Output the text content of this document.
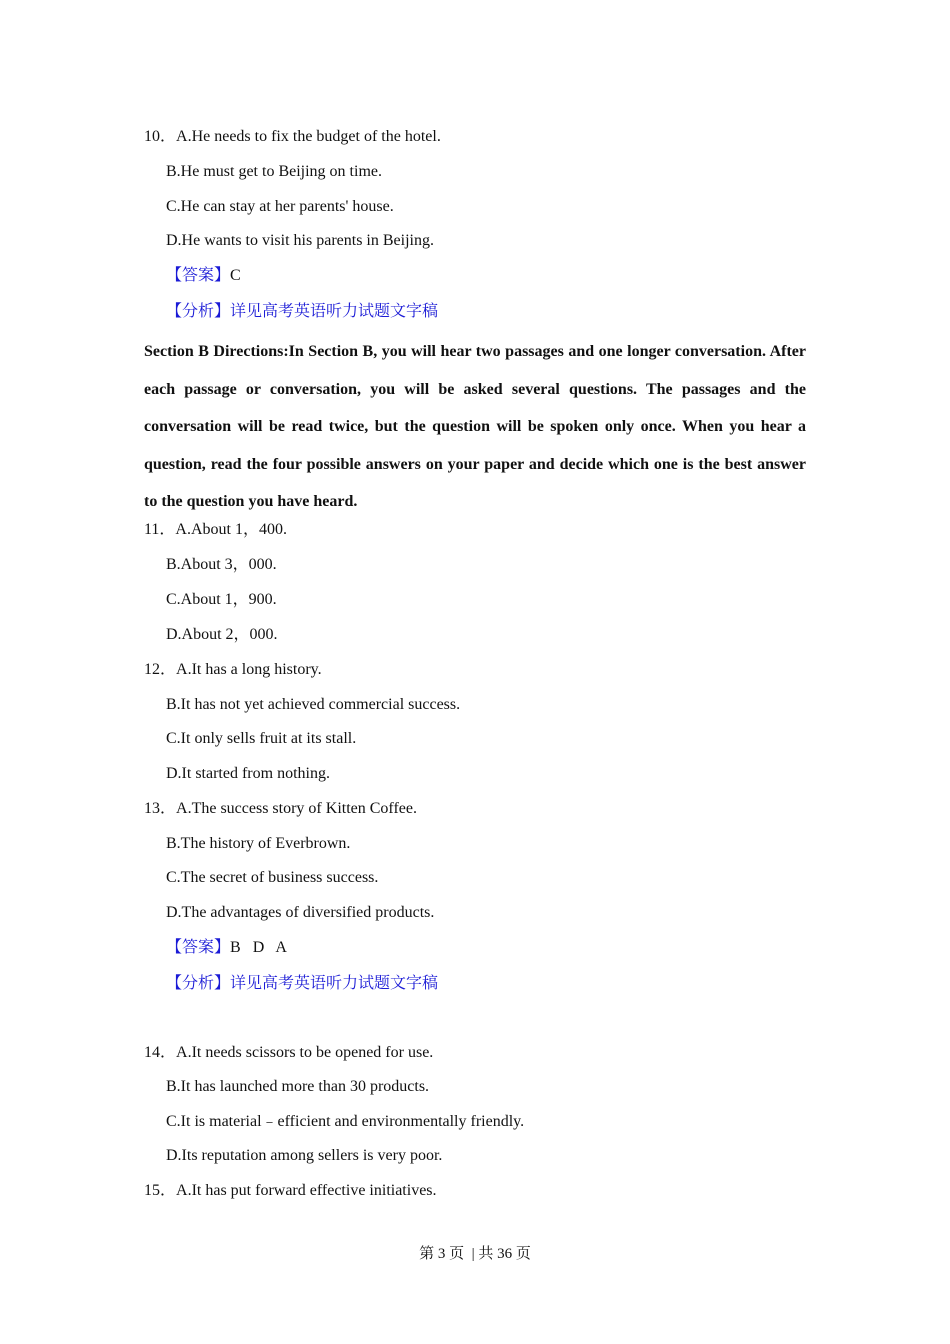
10．A.He needs to fix the budget of the hotel.
B.He must get to Beijing on time.
C.He can stay at her parents' house.
D.He wants to visit his parents in Beijing.
【答案】C
【分析】详见高考英语听力试题文字稿
Section B Directions:In Section B, you will hear two passages and one longer conversation. After each passage or conversation, you will be asked several questions. The passages and the conversation will be read twice, but the question will be spoken only once. When you hear a question, read the four possible answers on your paper and decide which one is the best answer to the question you have heard.
11．A.About 1，400.
B.About 3，000.
C.About 1，900.
D.About 2，000.
12．A.It has a long history.
B.It has not yet achieved commercial success.
C.It only sells fruit at its stall.
D.It started from nothing.
13．A.The success story of Kitten Coffee.
B.The history of Everbrown.
C.The secret of business success.
D.The advantages of diversified products.
【答案】B   D   A
【分析】详见高考英语听力试题文字稿
14．A.It needs scissors to be opened for use.
B.It has launched more than 30 products.
C.It is material﹣efficient and environmentally friendly.
D.Its reputation among sellers is very poor.
15．A.It has put forward effective initiatives.
第 3 页  | 共 36 页
